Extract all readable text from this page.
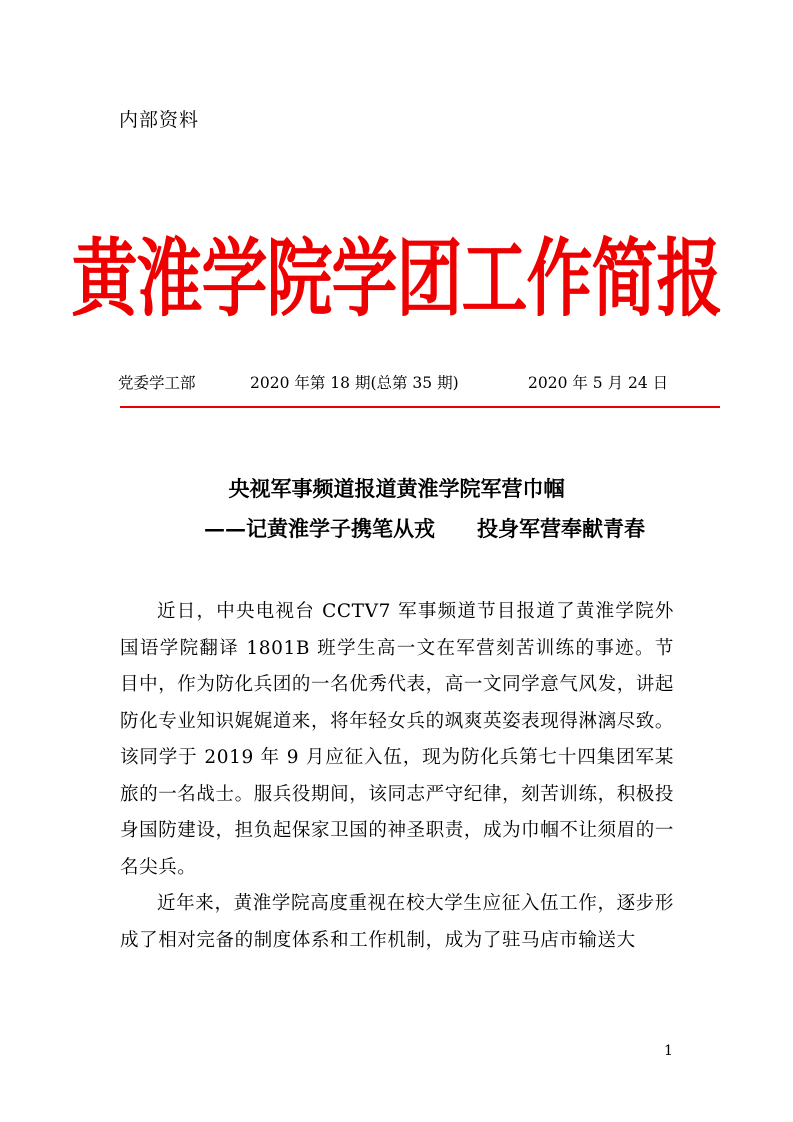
内部资料
黄淮学院学团工作简报
党委学工部	2020 年第 18 期(总第 35 期)	2020 年 5 月 24 日
央视军事频道报道黄淮学院军营巾帼
——记黄淮学子携笔从戎　　投身军营奉献青春

近日，中央电视台 CCTV7 军事频道节目报道了黄淮学院外国语学院翻译 1801B 班学生高一文在军营刻苦训练的事迹。节目中，作为防化兵团的一名优秀代表，高一文同学意气风发，讲起防化专业知识娓娓道来，将年轻女兵的飒爽英姿表现得淋漓尽致。该同学于 2019 年 9 月应征入伍，现为防化兵第七十四集团军某旅的一名战士。服兵役期间，该同志严守纪律，刻苦训练，积极投身国防建设，担负起保家卫国的神圣职责，成为巾帼不让须眉的一名尖兵。

近年来，黄淮学院高度重视在校大学生应征入伍工作，逐步形成了相对完备的制度体系和工作机制，成为了驻马店市输送大

1
